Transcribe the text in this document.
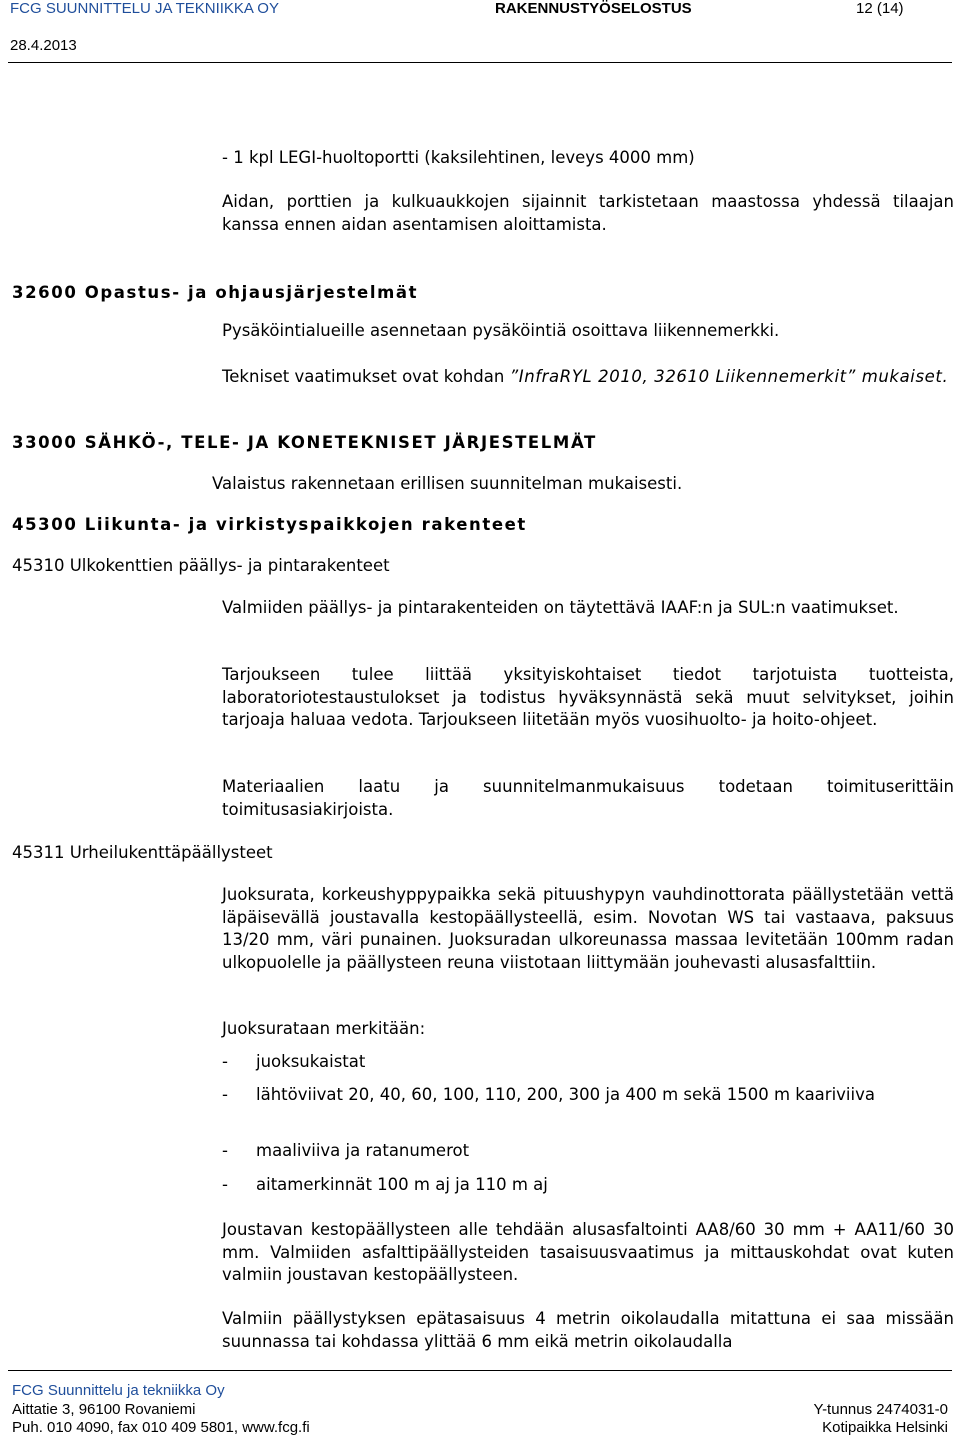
FCG SUUNNITTELU JA TEKNIIKKA OY	RAKENNUSTYÖSELOSTUS	12 (14)
28.4.2013
- 1 kpl LEGI-huoltoportti (kaksilehtinen, leveys 4000 mm)
Aidan, porttien ja kulkuaukkojen sijainnit tarkistetaan maastossa yhdessä tilaajan kanssa ennen aidan asentamisen aloittamista.
32600 Opastus- ja ohjausjärjestelmät
Pysäköintialueille asennetaan pysäköintiä osoittava liikennemerkki.
Tekniset vaatimukset ovat kohdan ”InfraRYL 2010, 32610 Liikennemerkit” mukaiset.
33000 SÄHKÖ-, TELE- JA KONETEKNISET JÄRJESTELMÄT
Valaistus rakennetaan erillisen suunnitelman mukaisesti.
45300 Liikunta- ja virkistyspaikkojen rakenteet
45310 Ulkokenttien päällys- ja pintarakenteet
Valmiiden päällys- ja pintarakenteiden on täytettävä IAAF:n ja SUL:n vaatimukset.
Tarjoukseen tulee liittää yksityiskohtaiset tiedot tarjotuista tuotteista, laboratoriotestaustulokset ja todistus hyväksynnästä sekä muut selvitykset, joihin tarjoaja haluaa vedota. Tarjoukseen liitetään myös vuosihuolto- ja hoito-ohjeet.
Materiaalien laatu ja suunnitelmanmukaisuus todetaan toimituserittäin toimitusasiakirjoista.
45311 Urheilukenttäpäällysteet
Juoksurata, korkeushyppypaikka sekä pituushypyn vauhdinottorata päällystetään vettä läpäisevällä joustavalla kestopäällysteellä, esim. Novotan WS tai vastaava, paksuus 13/20 mm, väri punainen. Juoksuradan ulkoreunassa massaa levitetään 100mm radan ulkopuolelle ja päällysteen reuna viistotaan liittymään jouhevasti alusasfalttiin.
Juoksurataan merkitään:
- juoksukaistat
- lähtöviivat 20, 40, 60, 100, 110, 200, 300 ja 400 m sekä 1500 m kaariviiva
- maaliviiva ja ratanumerot
- aitamerkinnät 100 m aj ja 110 m aj
Joustavan kestopäällysteen alle tehdään alusasfaltointi AA8/60 30 mm + AA11/60 30 mm. Valmiiden asfalttipäällysteiden tasaisuusvaatimus ja mittauskohdat ovat kuten valmiin joustavan kestopäällysteen.
Valmiin päällystyksen epätasaisuus 4 metrin oikolaudalla mitattuna ei saa missään suunnassa tai kohdassa ylittää 6 mm eikä metrin oikolaudalla
FCG Suunnittelu ja tekniikka Oy
Aittatie 3, 96100 Rovaniemi
Puh. 010 4090, fax 010 409 5801, www.fcg.fi
Y-tunnus 2474031-0
Kotipaikka Helsinki
